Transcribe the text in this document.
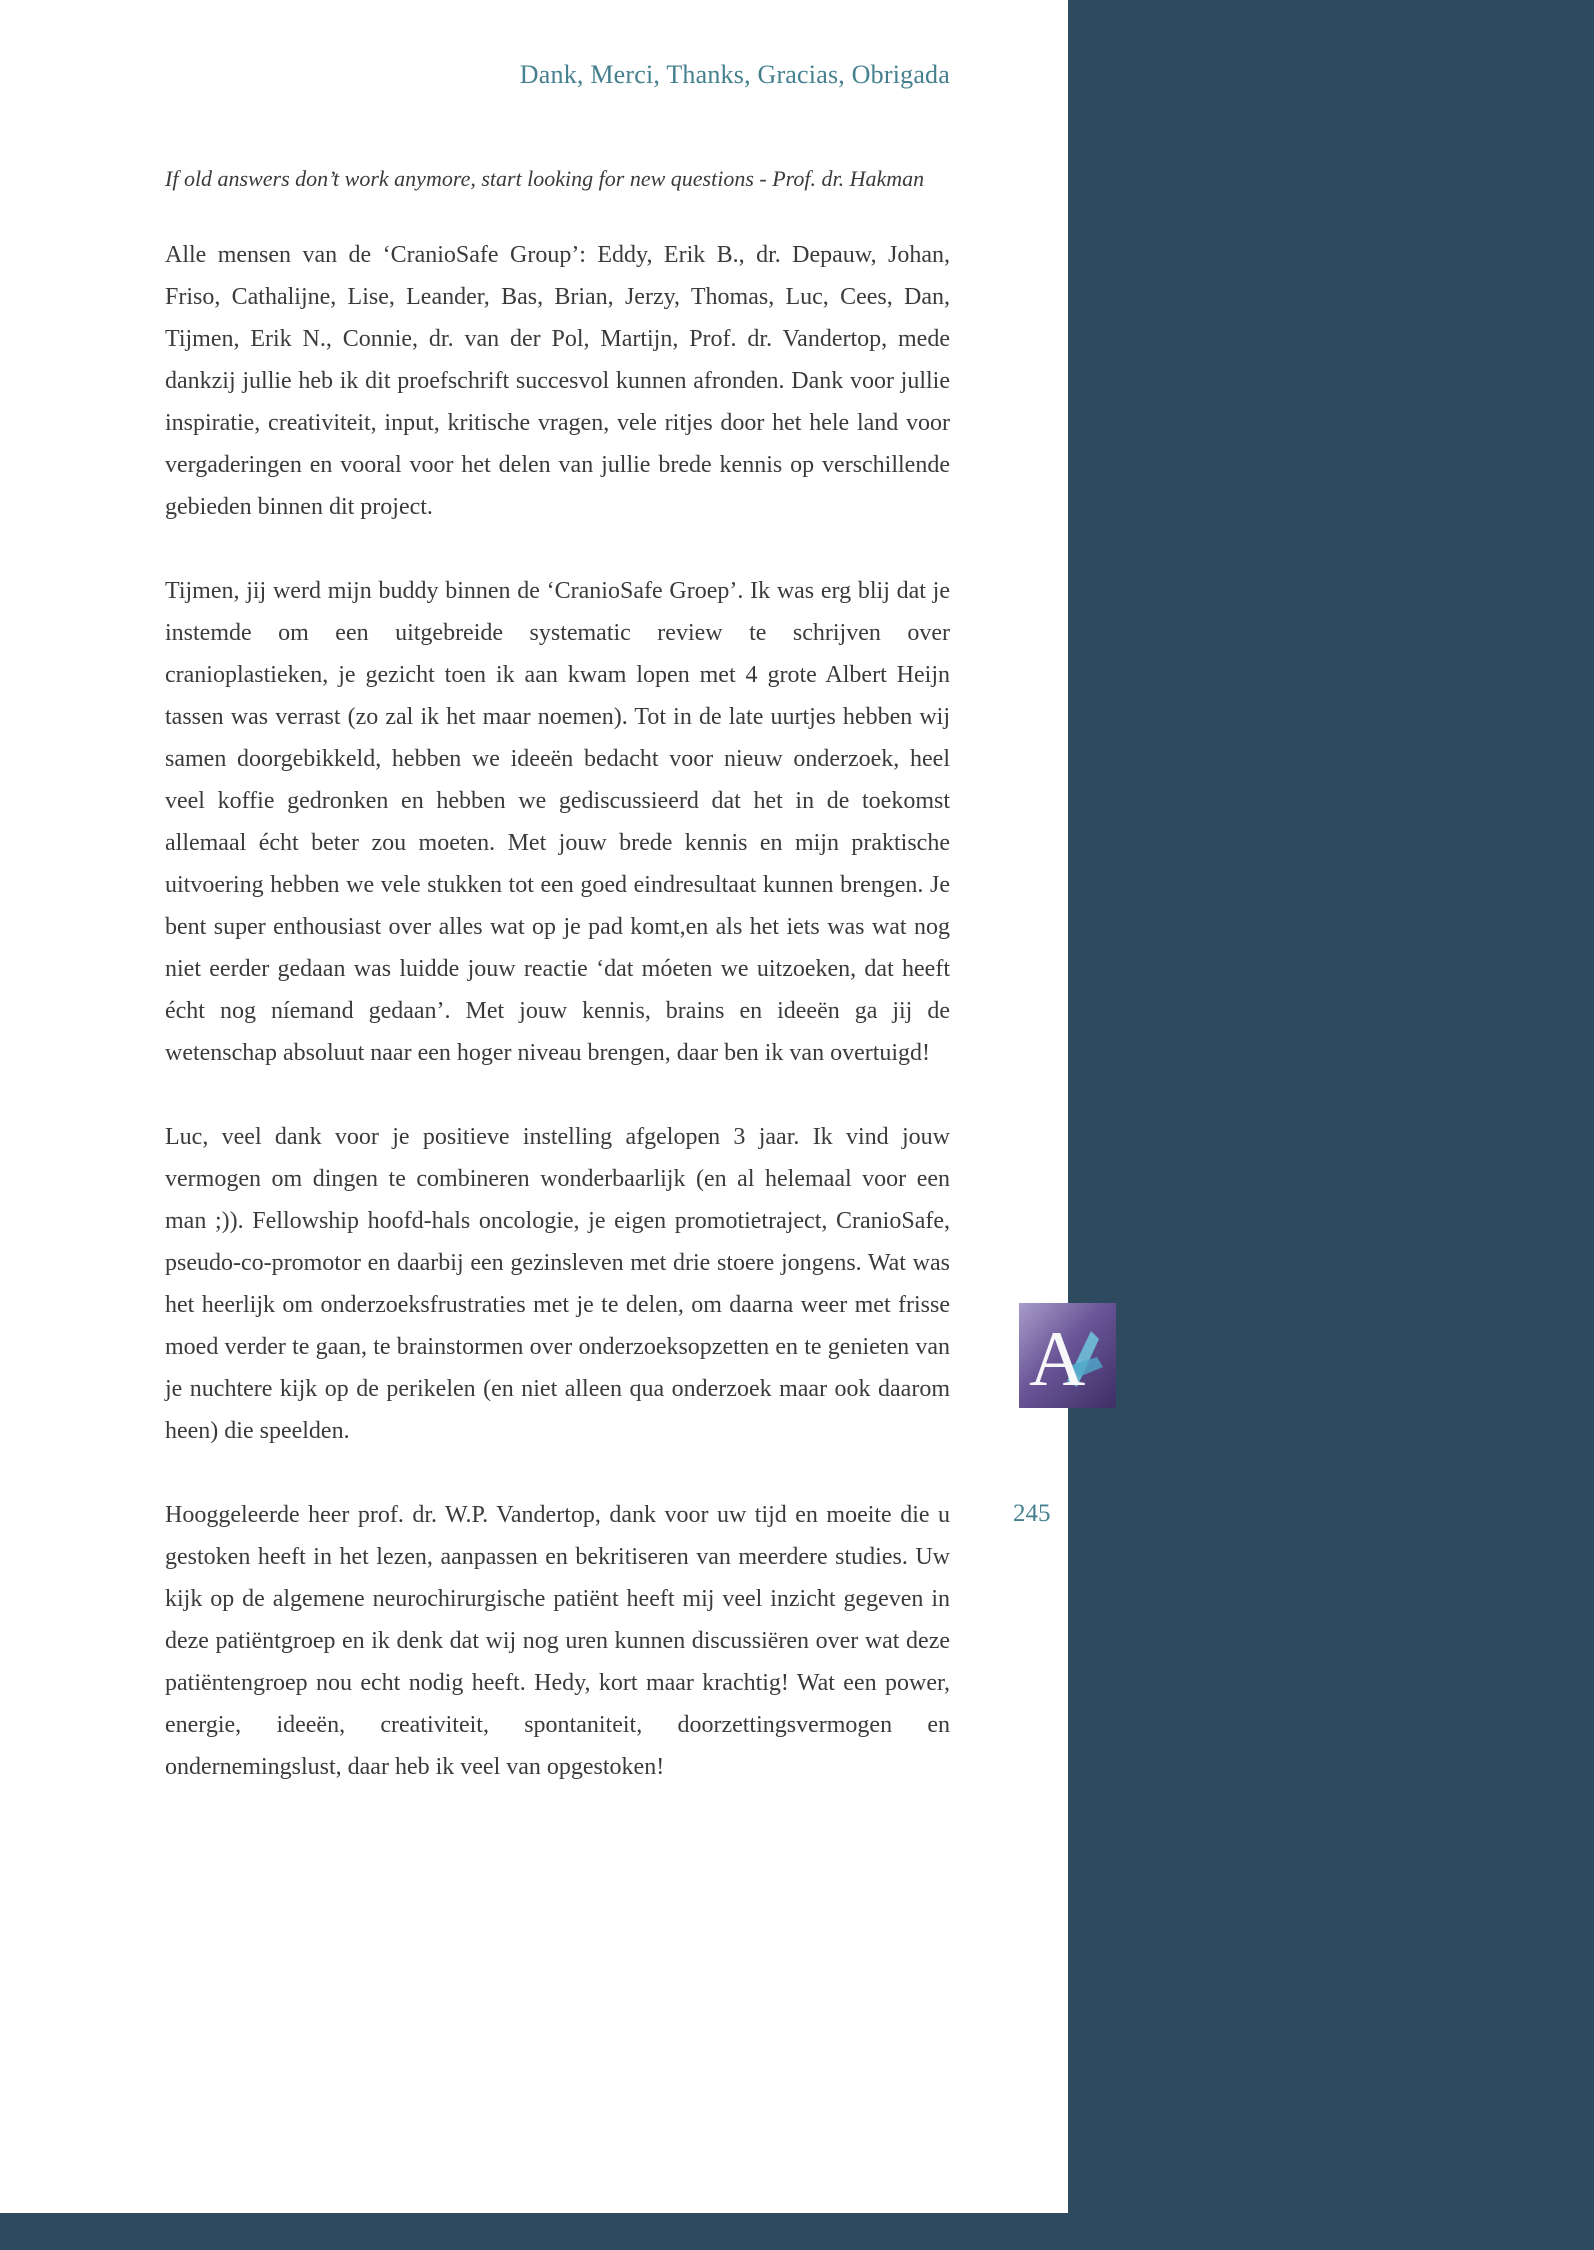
Dank, Merci, Thanks, Gracias, Obrigada
If old answers don’t work anymore, start looking for new questions - Prof. dr. Hakman

Alle mensen van de ‘CranioSafe Group’: Eddy, Erik B., dr. Depauw, Johan, Friso, Cathalijne, Lise, Leander, Bas, Brian, Jerzy, Thomas, Luc, Cees, Dan, Tijmen, Erik N., Connie, dr. van der Pol, Martijn, Prof. dr. Vandertop, mede dankzij jullie heb ik dit proefschrift succesvol kunnen afronden. Dank voor jullie inspiratie, creativiteit, input, kritische vragen, vele ritjes door het hele land voor vergaderingen en vooral voor het delen van jullie brede kennis op verschillende gebieden binnen dit project.

Tijmen, jij werd mijn buddy binnen de ‘CranioSafe Groep’. Ik was erg blij dat je instemde om een uitgebreide systematic review te schrijven over cranioplastieken, je gezicht toen ik aan kwam lopen met 4 grote Albert Heijn tassen was verrast (zo zal ik het maar noemen). Tot in de late uurtjes hebben wij samen doorgebikkeld, hebben we ideeën bedacht voor nieuw onderzoek, heel veel koffie gedronken en hebben we gediscussieerd dat het in de toekomst allemaal écht beter zou moeten. Met jouw brede kennis en mijn praktische uitvoering hebben we vele stukken tot een goed eindresultaat kunnen brengen. Je bent super enthousiast over alles wat op je pad komt,en als het iets was wat nog niet eerder gedaan was luidde jouw reactie ‘dat móeten we uitzoeken, dat heeft écht nog níemand gedaan’. Met jouw kennis, brains en ideeën ga jij de wetenschap absoluut naar een hoger niveau brengen, daar ben ik van overtuigd!

Luc, veel dank voor je positieve instelling afgelopen 3 jaar. Ik vind jouw vermogen om dingen te combineren wonderbaarlijk (en al helemaal voor een man ;)). Fellowship hoofd-hals oncologie, je eigen promotietraject, CranioSafe, pseudo-co-promotor en daarbij een gezinsleven met drie stoere jongens. Wat was het heerlijk om onderzoeksfrustraties met je te delen, om daarna weer met frisse moed verder te gaan, te brainstormen over onderzoeksopzetten en te genieten van je nuchtere kijk op de perikelen (en niet alleen qua onderzoek maar ook daarom heen) die speelden.

Hooggeleerde heer prof. dr. W.P. Vandertop, dank voor uw tijd en moeite die u gestoken heeft in het lezen, aanpassen en bekritiseren van meerdere studies. Uw kijk op de algemene neurochirurgische patiënt heeft mij veel inzicht gegeven in deze patiëntgroep en ik denk dat wij nog uren kunnen discussiëren over wat deze patiëntengroep nou echt nodig heeft. Hedy, kort maar krachtig! Wat een power, energie, ideeën, creativiteit, spontaniteit, doorzettingsvermogen en ondernemingslust, daar heb ik veel van opgestoken!

A
245
